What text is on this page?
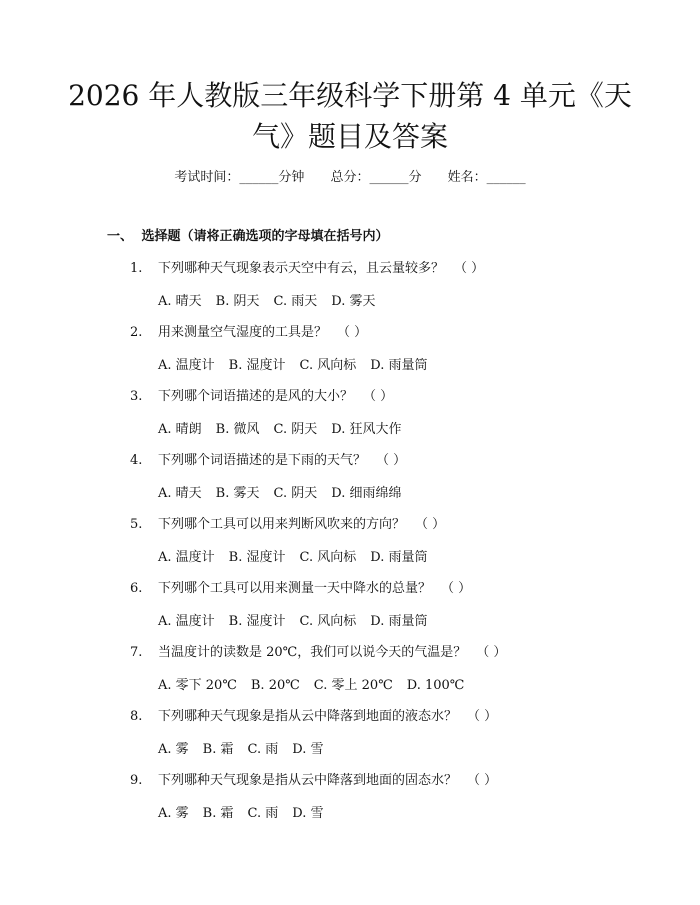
2026 年人教版三年级科学下册第 4 单元《天
气》题目及答案
考试时间：______分钟 总分：______分 姓名：______
一、 选择题（请将正确选项的字母填在括号内）
1. 下列哪种天气现象表示天空中有云，且云量较多？ （ ）
A. 晴天 B. 阴天 C. 雨天 D. 雾天
2. 用来测量空气湿度的工具是？ （ ）
A. 温度计 B. 湿度计 C. 风向标 D. 雨量筒
3. 下列哪个词语描述的是风的大小？ （ ）
A. 晴朗 B. 微风 C. 阴天 D. 狂风大作
4. 下列哪个词语描述的是下雨的天气？ （ ）
A. 晴天 B. 雾天 C. 阴天 D. 细雨绵绵
5. 下列哪个工具可以用来判断风吹来的方向？ （ ）
A. 温度计 B. 湿度计 C. 风向标 D. 雨量筒
6. 下列哪个工具可以用来测量一天中降水的总量？ （ ）
A. 温度计 B. 湿度计 C. 风向标 D. 雨量筒
7. 当温度计的读数是 20℃，我们可以说今天的气温是？ （ ）
A. 零下 20℃ B. 20℃ C. 零上 20℃ D. 100℃
8. 下列哪种天气现象是指从云中降落到地面的液态水？ （ ）
A. 雾 B. 霜 C. 雨 D. 雪
9. 下列哪种天气现象是指从云中降落到地面的固态水？ （ ）
A. 雾 B. 霜 C. 雨 D. 雪
